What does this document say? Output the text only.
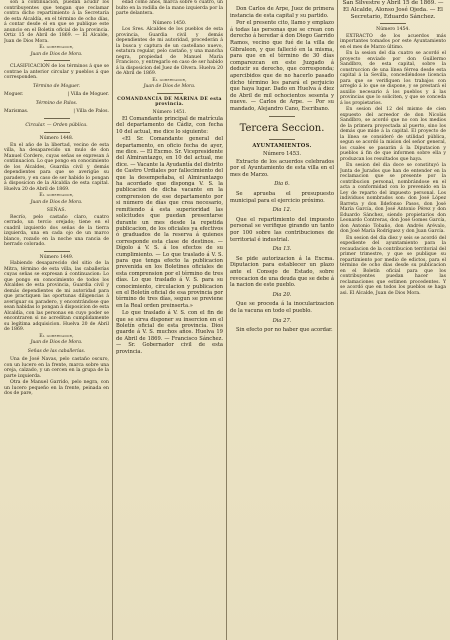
son á continuacion, puedan acudir los contribuyentes que tengan que reclamar contra dicho repartimiento á la Secretaría de esta Alcaldía, en el término de ocho días, á contar desde el en que se publique este anuncio en el Boletin oficial de la provincia. Ortiz 15 de Abril de 1869. — El Alcalde, Juan de Dios Mora.

El gobernador,

Juan de Dios de Mora.

CLASIFICACION de los términos á que se contrae la anterior circular y pueblos á que corresponden.

Término de Moguer.

Moguer.	| Villa de Moguer.

Término de Palos.

Marismas.	| Villa de Palos.

Circular. — Orden pública.

Número 1448.

En el año de la libertad, vecino de esta villa, ha desaparecido un mulo de don Manuel Cordero, cuyas señas se expresan á continuacion. Lo que pongo en conocimiento de los Alcaldes, Guardia civil y demás dependientes para que se averigüe su paradero, y en caso de ser habido lo pongan á disposicion de la Alcaldía de esta capital. Huelva 20 de Abril de 1869.

El gobernador,

Juan de Dios de Mora.

SEÑAS.

Recrío, pelo castaño claro, cuatro cerrado, un tercio orejado; tiene en el cuadril izquierdo dos señas de la tierra izquierda, una en cada ojo de un marco blanco, rozado en la noche una rancia de herrado colorado.

Número 1449.

Habiendo desaparecido del sitio de la Mitra, término de esta villa, las caballerías cuyas señas se expresan á continuacion: Lo que pongo en conocimiento de todos los Alcaldes de esta provincia, Guardia civil y demás dependientes de mi autoridad para que practiquen las oportunas diligencias á averiguar su paradero, y encontrándose que sean habidas lo pongan á disposicion de esta Alcaldía, con las personas en cuyo poder se encontraren si no acreditan cumplidamente su legítima adquisicion. Huelva 20 de Abril de 1869.

El gobernador,

Juan de Dios de Mora.

Señas de las caballerías.

Una de José Navas, pelo castaño oscuro, con un lucero en la frente, marca sobre una oreja, calzado, y un cercen en la grupa de la parte izquierda.

Otra de Manuel Garrido, pelo negra, con un lucero pequeño en la frente, peinada en dos de pare,

edad como años, marca sobre 6 cuatro, un bulto en la rodilla de la mano izquierda por la parte delantera.

Número 1450.

Los Sres. Alcaldes de los pueblos de esta provincia, Guardia civil y demás dependientes de mi autoridad, procederán á la busca y captura de un castellano nuevo, estatura regular, pelo castaño, y una mancha negra, propiedad de Manuel María Francisco, y entregarlo en caso de ser habido á la disposicion del Juez de Olvera. Huelva 20 de Abril de 1869.

El gobernador,

Juan de Dios de Mora.

COMANDANCIA DE MARINA DE esta provincia.

Número 1451.

El Comandante principal de matrícula del departamento de Cádiz, con fecha 10 del actual, me dice lo siguiente:

«El Sr. Comandante general del departamento, en oficio fecha de ayer, me dice. — El Excmo. Sr. Vicepresidente del Almirantazgo, en 10 del actual, me dice. — Vacante la Ayudantía del distrito de Castro Urdiales por fallecimiento del que la desempeñaba, el Almirantazgo ha acordado que disponga V. S. la publicacion de dicha vacante en la comprension de ese departamento por si número de días que crea necesario, remitiendo á esta superioridad las solicitudes que puedan presentarse durante un mes desde la repetida publicacion, de los oficiales ya efectivos ó graduados de la reserva á quienes corresponde esta clase de destinos. — Dígolo á V. S. á los efectos de su cumplimiento. — Lo que traslado á V. S. para que tenga efecto la publicacion prevenida en los Boletines oficiales de esta comprension por el término de tres días. Lo que traslado á V. S. para su conocimiento, circulacion y publicacion en el Boletín oficial de esa provincia por término de tres días, segun se previene en la Real orden preinserta.»

Lo que traslado á V. S. con el fin de que se sirva disponer su insercion en el Boletín oficial de esta provincia. Dios guarde á V. S. muchos años. Huelva 19 de Abril de 1869. — Francisco Sánchez. — Sr. Gobernador civil de esta provincia.

Don Carlos de Arpe, Juez de primera instancia de esta capital y su partido.

Por el presente cito, llamo y emplazo á todas las personas que se crean con derecho á heredar á don Diego Garrido Ramos, vecino que fué de la villa de Gibraleon, y que falleció en la misma, para que en el término de 30 días comparezcan en este Juzgado á deducir su derecho, que corresponda; apercibidos que de no hacerlo pasado dicho término les parará el perjuicio que haya lugar. Dado en Huelva á diez de Abril de mil ochocientos sesenta y nueve. — Carlos de Arpe. — Por su mandado, Alejandro Cano, Escribano.

Tercera Seccion.

AYUNTAMIENTOS.

Número 1453.

Extracto de los acuerdos celebrados por el Ayuntamiento de esta villa en el mes de Marzo.

Dia 6.

Se aprueba el presupuesto municipal para el ejercicio próximo.

Dia 12.

Que el repartimiento del impuesto personal se verifique girando un tanto por 100 sobre las contribuciones de territorial é industrial.

Dia 13.

Se pide autorizacion á la Excma. Diputacion para establecer un plazo ante el Consejo de Estado, sobre revocacion de una deuda que se debe á la nacion de este pueblo.

Dia 20.

Que se proceda á la inocularizacion de la vacuna en todo el pueblo.

Dia 27.

Sin efecto por no haber que acordar.

San Silvestre y Abril 15 de 1869. — El Alcalde, Alonso José Ojeda. — El Secretario, Eduardo Sánchez.

Número 1454.

EXTRACTO de los acuerdos más importantes tomados por este Ayuntamiento en el mes de Marzo último.

En la sesion del dia cuatro se acordó el proyecto enviado por don Guillermo Sandlbro, de esta capital, sobre la construccion de una línea férrea desde esta capital á la Sevilla, concediéndose licencia para que se verifiquen los trabajos con arreglo á lo que se dispone, y se prestará el auxilio necesario á los pueblos y á las provincias que lo soliciten, y que se conceda á los propietarios.

En sesion del 12 del mismo de cien expuesto del acreedor de don Nicolás Sandlbro, se acordó que no con los medios de la primera proyectada al puerto, sino los demás que mide á la capital. El proyecto de la línea se consideró de utilidad pública, segun se acordó la mision del señor general, los cuales se pasarán á la Diputacion y pueblos á fin de que informen sobre ella y produzcan los resultados que haya.

En sesion del dia doce se constituyó la Junta de Jurados que han de entender en la reclamacion que se presente por la contribucion personal, nombrándose en el acta a conformidad con lo prevenido en la Ley de reparto del impuesto personal. Los individuos nombrados son: don José López Barreta y don Ildefonso Pasos, don José María García, don José Antonio Pérez y don Eduardo Sánchez, siendo propietarios don Leonardo Contreras, don José Gomes García, don Antonio Tobaño, don Andrés Arévalo, don José María Rodríguez y don Juan García.

En sesion del dia diez y seis se acordó del expediente del ayuntamiento para la recaudacion de la contribucion territorial del primer trimestre, y que se publique su repartimiento por medio de edictos, para el término de ocho dias desde su publicacion en el Boletín oficial para que los contribuyentes puedan hacer las reclamaciones que estimen procedentes. Y se acordó que en todos los pueblos se haga asi. El Alcalde, Juan de Dios Mora.
